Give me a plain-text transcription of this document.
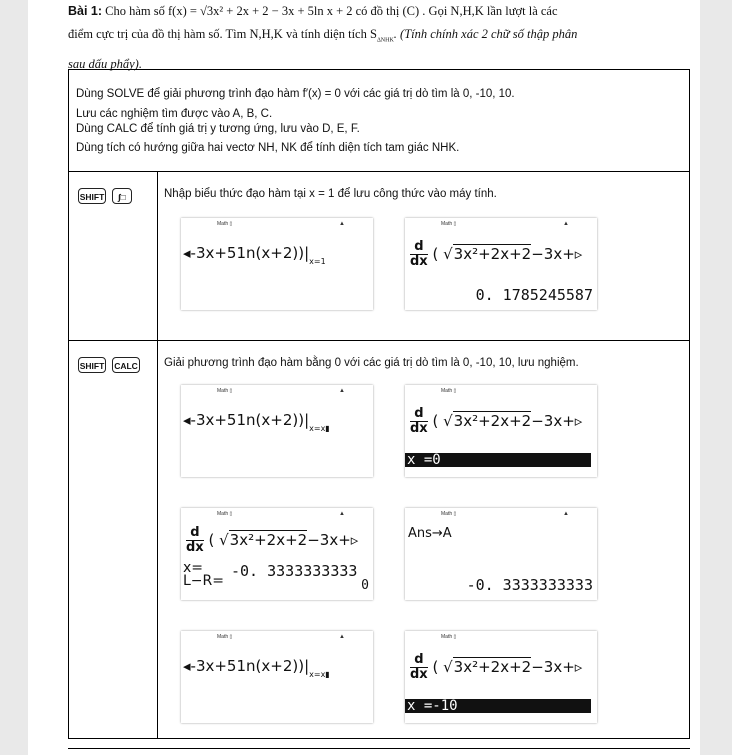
Bài 1: Cho hàm số f(x) = √3x² + 2x + 2 − 3x + 5ln x + 2 có đồ thị (C) . Gọi N,H,K lần lượt là các
điểm cực trị của đồ thị hàm số. Tìm N,H,K và tính diện tích $S_{\Delta NHK}$. (Tính chính xác 2 chữ số thập phân
sau dấu phẩy).
Dùng SOLVE để giải phương trình đạo hàm f′(x) = 0 với các giá trị dò tìm là 0, -10, 10.
Lưu các nghiệm tìm được vào A, B, C.
Dùng CALC để tính giá trị y tương ứng, lưu vào D, E, F.
Dùng tích có hướng giữa hai vectơ NH, NK để tính diện tích tam giác NHK.
SHIFT	∫□	Nhập biểu thức đạo hàm tại x = 1 để lưu công thức vào máy tính.
Math ▯	▲
$◂-3x+51n(x+2))|_{x=1}$
Math ▯	▲
$\frac{d}{dx}$ ( √3x²+2x+2−3x+▹
0. 1785245587
SHIFT CALC Giải phương trình đạo hàm bằng 0 với các giá trị dò tìm là 0, -10, 10, lưu nghiệm.
Math ▯	▲
$◂-3x+51n(x+2))|_{x=x▮}$
Math ▯
$\frac{d}{dx}$ ( √3x²+2x+2−3x+▹
x =0
Math ▯	▲
$\frac{d}{dx}$ ( √3x²+2x+2−3x+▹
x=
L−R=
-0. 3333333333
0
Math ▯	▲
Ans→A
-0. 3333333333
Math ▯	▲
$◂-3x+51n(x+2))|_{x=x▮}$
Math ▯
$\frac{d}{dx}$ ( √3x²+2x+2−3x+▹
x =-10
